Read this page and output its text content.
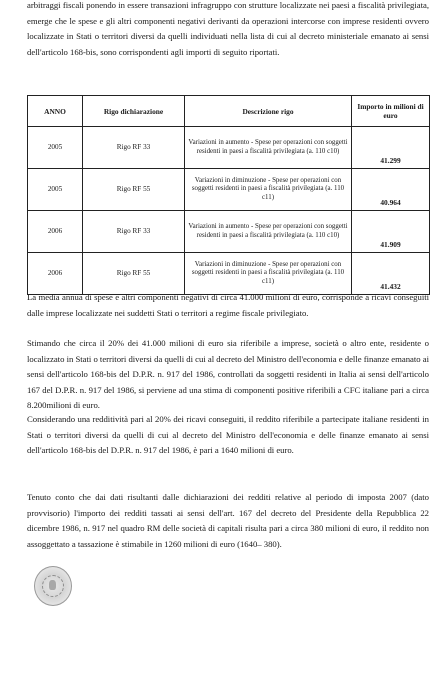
arbitraggi fiscali ponendo in essere transazioni infragruppo con strutture localizzate nei paesi a fiscalità privilegiata, emerge che le spese e gli altri componenti negativi derivanti da operazioni intercorse con imprese residenti ovvero localizzate in Stati o territori diversi da quelli individuati nella lista di cui al decreto ministeriale emanato ai sensi dell'articolo 168-bis, sono corrispondenti agli importi di seguito riportati.

ANNO	Rigo dichiarazione	Descrizione rigo	Importo in milioni di euro
2005	Rigo RF 33	Variazioni in aumento - Spese per operazioni con soggetti residenti in paesi a fiscalità privilegiata (a. 110 c10)	41.299
2005	Rigo RF 55	Variazioni in diminuzione - Spese per operazioni con soggetti residenti in paesi a fiscalità privilegiata (a. 110 c11)	40.964
2006	Rigo RF 33	Variazioni in aumento - Spese per operazioni con soggetti residenti in paesi a fiscalità privilegiata (a. 110 c10)	41.909
2006	Rigo RF 55	Variazioni in diminuzione - Spese per operazioni con soggetti residenti in paesi a fiscalità privilegiata (a. 110 c11)	41.432

La media annua di spese e altri componenti negativi di circa 41.000 milioni di euro, corrisponde a ricavi conseguiti dalle imprese localizzate nei suddetti Stati o territori a regime fiscale privilegiato.

Stimando che circa il 20% dei 41.000 milioni di euro sia riferibile a imprese, società o altro ente, residente o localizzato in Stati o territori diversi da quelli di cui al decreto del Ministro dell'economia e delle finanze emanato ai sensi dell'articolo 168-bis del D.P.R. n. 917 del 1986, controllati da soggetti residenti in Italia ai sensi dell'articolo 167 del D.P.R. n. 917 del 1986, si perviene ad una stima di componenti positive riferibili a CFC italiane pari a circa 8.200milioni di euro.

Considerando una redditività pari al 20% dei ricavi conseguiti, il reddito riferibile a partecipate italiane residenti in Stati o territori diversi da quelli di cui al decreto del Ministro dell'economia e delle finanze emanato ai sensi dell'articolo 168-bis del D.P.R. n. 917 del 1986, è pari a 1640 milioni di euro.

Tenuto conto che dai dati risultanti dalle dichiarazioni dei redditi relative al periodo di imposta 2007 (dato provvisorio) l'importo dei redditi tassati ai sensi dell'art. 167 del decreto del Presidente della Repubblica 22 dicembre 1986, n. 917 nel quadro RM delle società di capitali risulta pari a circa 380 milioni di euro, il reddito non assoggettato a tassazione è stimabile in 1260 milioni di euro (1640– 380).
